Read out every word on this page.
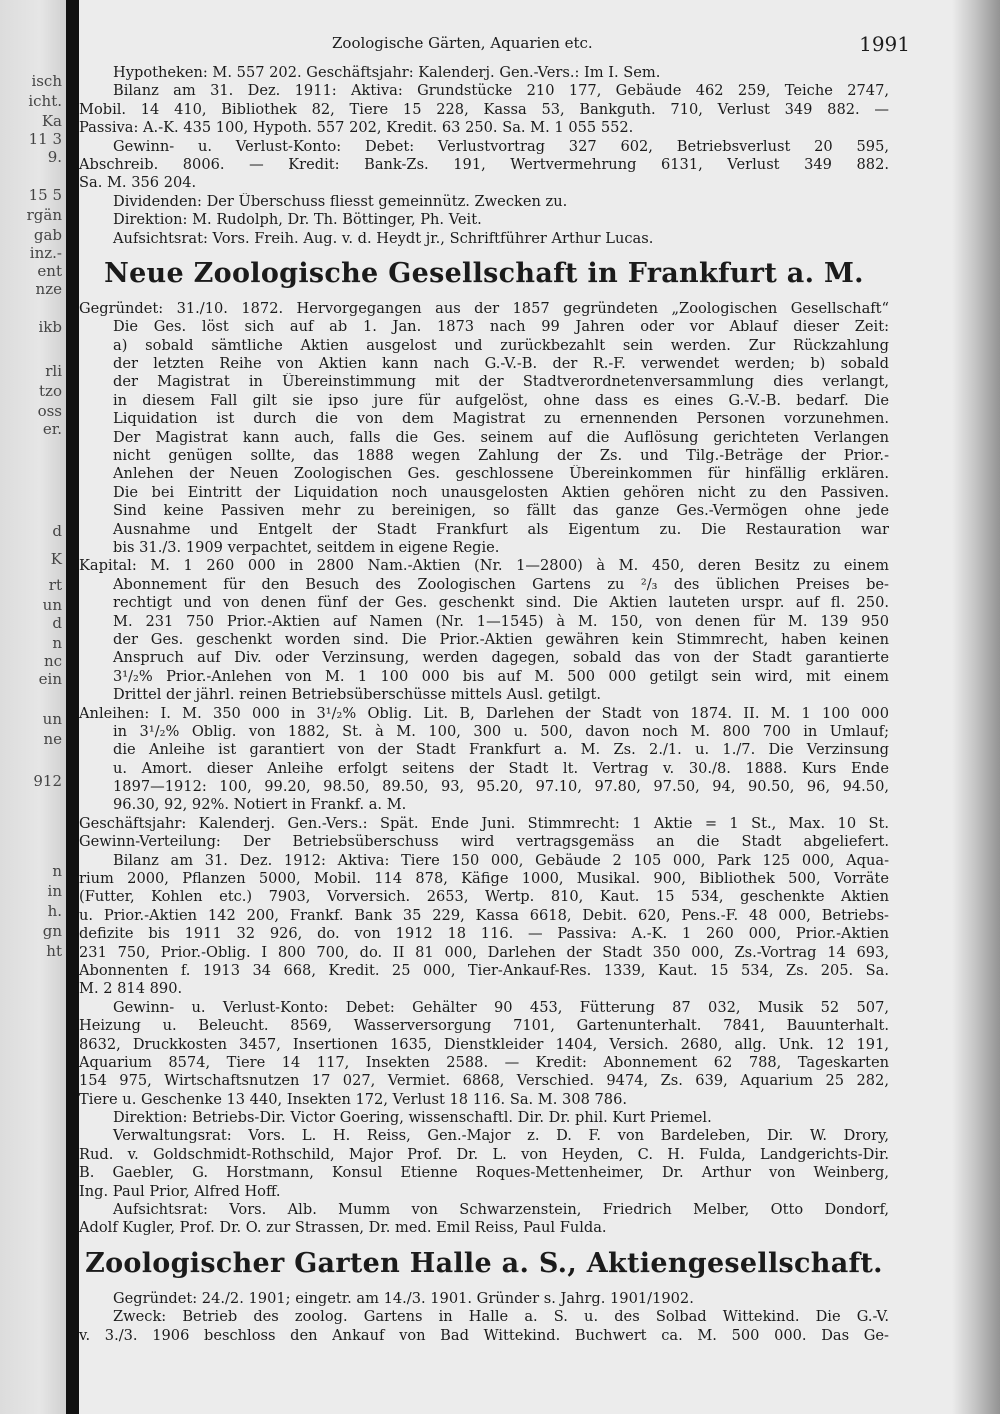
isch
icht.
Ka
11 3
9.
15 5
rgän
gab
inz.-
ent
nze
ikb
rli
tzo
oss
er.
d
K
rt
un
d
n
nc
ein
un
ne
912
n
in
h.
gn
ht
Zoologische Gärten, Aquarien etc.	1991

Hypotheken: M. 557 202. Geschäftsjahr: Kalenderj. Gen.-Vers.: Im I. Sem.

Bilanz am 31. Dez. 1911: Aktiva: Grundstücke 210 177, Gebäude 462 259, Teiche 2747,

Mobil. 14 410, Bibliothek 82, Tiere 15 228, Kassa 53, Bankguth. 710, Verlust 349 882. —

Passiva: A.-K. 435 100, Hypoth. 557 202, Kredit. 63 250. Sa. M. 1 055 552.

Gewinn- u. Verlust-Konto: Debet: Verlustvortrag 327 602, Betriebsverlust 20 595,

Abschreib. 8006. — Kredit: Bank-Zs. 191, Wertvermehrung 6131, Verlust 349 882.

Sa. M. 356 204.

Dividenden: Der Überschuss fliesst gemeinnütz. Zwecken zu.

Direktion: M. Rudolph, Dr. Th. Böttinger, Ph. Veit.

Aufsichtsrat: Vors. Freih. Aug. v. d. Heydt jr., Schriftführer Arthur Lucas.

Neue Zoologische Gesellschaft in Frankfurt a. M.

Gegründet: 31./10. 1872. Hervorgegangen aus der 1857 gegründeten „Zoologischen Gesellschaft“

Die Ges. löst sich auf ab 1. Jan. 1873 nach 99 Jahren oder vor Ablauf dieser Zeit:

a) sobald sämtliche Aktien ausgelost und zurückbezahlt sein werden. Zur Rückzahlung

der letzten Reihe von Aktien kann nach G.-V.-B. der R.-F. verwendet werden; b) sobald

der Magistrat in Übereinstimmung mit der Stadtverordnetenversammlung dies verlangt,

in diesem Fall gilt sie ipso jure für aufgelöst, ohne dass es eines G.-V.-B. bedarf. Die

Liquidation ist durch die von dem Magistrat zu ernennenden Personen vorzunehmen.

Der Magistrat kann auch, falls die Ges. seinem auf die Auflösung gerichteten Verlangen

nicht genügen sollte, das 1888 wegen Zahlung der Zs. und Tilg.-Beträge der Prior.-

Anlehen der Neuen Zoologischen Ges. geschlossene Übereinkommen für hinfällig erklären.

Die bei Eintritt der Liquidation noch unausgelosten Aktien gehören nicht zu den Passiven.

Sind keine Passiven mehr zu bereinigen, so fällt das ganze Ges.-Vermögen ohne jede

Ausnahme und Entgelt der Stadt Frankfurt als Eigentum zu. Die Restauration war

bis 31./3. 1909 verpachtet, seitdem in eigene Regie.

Kapital: M. 1 260 000 in 2800 Nam.-Aktien (Nr. 1—2800) à M. 450, deren Besitz zu einem

Abonnement für den Besuch des Zoologischen Gartens zu ²/₃ des üblichen Preises be-

rechtigt und von denen fünf der Ges. geschenkt sind. Die Aktien lauteten urspr. auf fl. 250.

M. 231 750 Prior.-Aktien auf Namen (Nr. 1—1545) à M. 150, von denen für M. 139 950

der Ges. geschenkt worden sind. Die Prior.-Aktien gewähren kein Stimmrecht, haben keinen

Anspruch auf Div. oder Verzinsung, werden dagegen, sobald das von der Stadt garantierte

3¹/₂% Prior.-Anlehen von M. 1 100 000 bis auf M. 500 000 getilgt sein wird, mit einem

Drittel der jährl. reinen Betriebsüberschüsse mittels Ausl. getilgt.

Anleihen: I. M. 350 000 in 3¹/₂% Oblig. Lit. B, Darlehen der Stadt von 1874. II. M. 1 100 000

in 3¹/₂% Oblig. von 1882, St. à M. 100, 300 u. 500, davon noch M. 800 700 in Umlauf;

die Anleihe ist garantiert von der Stadt Frankfurt a. M. Zs. 2./1. u. 1./7. Die Verzinsung

u. Amort. dieser Anleihe erfolgt seitens der Stadt lt. Vertrag v. 30./8. 1888. Kurs Ende

1897—1912: 100, 99.20, 98.50, 89.50, 93, 95.20, 97.10, 97.80, 97.50, 94, 90.50, 96, 94.50,

96.30, 92, 92%. Notiert in Frankf. a. M.

Geschäftsjahr: Kalenderj. Gen.-Vers.: Spät. Ende Juni. Stimmrecht: 1 Aktie = 1 St., Max. 10 St.

Gewinn-Verteilung: Der Betriebsüberschuss wird vertragsgemäss an die Stadt abgeliefert.

Bilanz am 31. Dez. 1912: Aktiva: Tiere 150 000, Gebäude 2 105 000, Park 125 000, Aqua-

rium 2000, Pflanzen 5000, Mobil. 114 878, Käfige 1000, Musikal. 900, Bibliothek 500, Vorräte

(Futter, Kohlen etc.) 7903, Vorversich. 2653, Wertp. 810, Kaut. 15 534, geschenkte Aktien

u. Prior.-Aktien 142 200, Frankf. Bank 35 229, Kassa 6618, Debit. 620, Pens.-F. 48 000, Betriebs-

defizite bis 1911 32 926, do. von 1912 18 116. — Passiva: A.-K. 1 260 000, Prior.-Aktien

231 750, Prior.-Oblig. I 800 700, do. II 81 000, Darlehen der Stadt 350 000, Zs.-Vortrag 14 693,

Abonnenten f. 1913 34 668, Kredit. 25 000, Tier-Ankauf-Res. 1339, Kaut. 15 534, Zs. 205. Sa.

M. 2 814 890.

Gewinn- u. Verlust-Konto: Debet: Gehälter 90 453, Fütterung 87 032, Musik 52 507,

Heizung u. Beleucht. 8569, Wasserversorgung 7101, Gartenunterhalt. 7841, Bauunterhalt.

8632, Druckkosten 3457, Insertionen 1635, Dienstkleider 1404, Versich. 2680, allg. Unk. 12 191,

Aquarium 8574, Tiere 14 117, Insekten 2588. — Kredit: Abonnement 62 788, Tageskarten

154 975, Wirtschaftsnutzen 17 027, Vermiet. 6868, Verschied. 9474, Zs. 639, Aquarium 25 282,

Tiere u. Geschenke 13 440, Insekten 172, Verlust 18 116. Sa. M. 308 786.

Direktion: Betriebs-Dir. Victor Goering, wissenschaftl. Dir. Dr. phil. Kurt Priemel.

Verwaltungsrat: Vors. L. H. Reiss, Gen.-Major z. D. F. von Bardeleben, Dir. W. Drory,

Rud. v. Goldschmidt-Rothschild, Major Prof. Dr. L. von Heyden, C. H. Fulda, Landgerichts-Dir.

B. Gaebler, G. Horstmann, Konsul Etienne Roques-Mettenheimer, Dr. Arthur von Weinberg,

Ing. Paul Prior, Alfred Hoff.

Aufsichtsrat: Vors. Alb. Mumm von Schwarzenstein, Friedrich Melber, Otto Dondorf,

Adolf Kugler, Prof. Dr. O. zur Strassen, Dr. med. Emil Reiss, Paul Fulda.

Zoologischer Garten Halle a. S., Aktiengesellschaft.

Gegründet: 24./2. 1901; eingetr. am 14./3. 1901. Gründer s. Jahrg. 1901/1902.

Zweck: Betrieb des zoolog. Gartens in Halle a. S. u. des Solbad Wittekind. Die G.-V.

v. 3./3. 1906 beschloss den Ankauf von Bad Wittekind. Buchwert ca. M. 500 000. Das Ge-
